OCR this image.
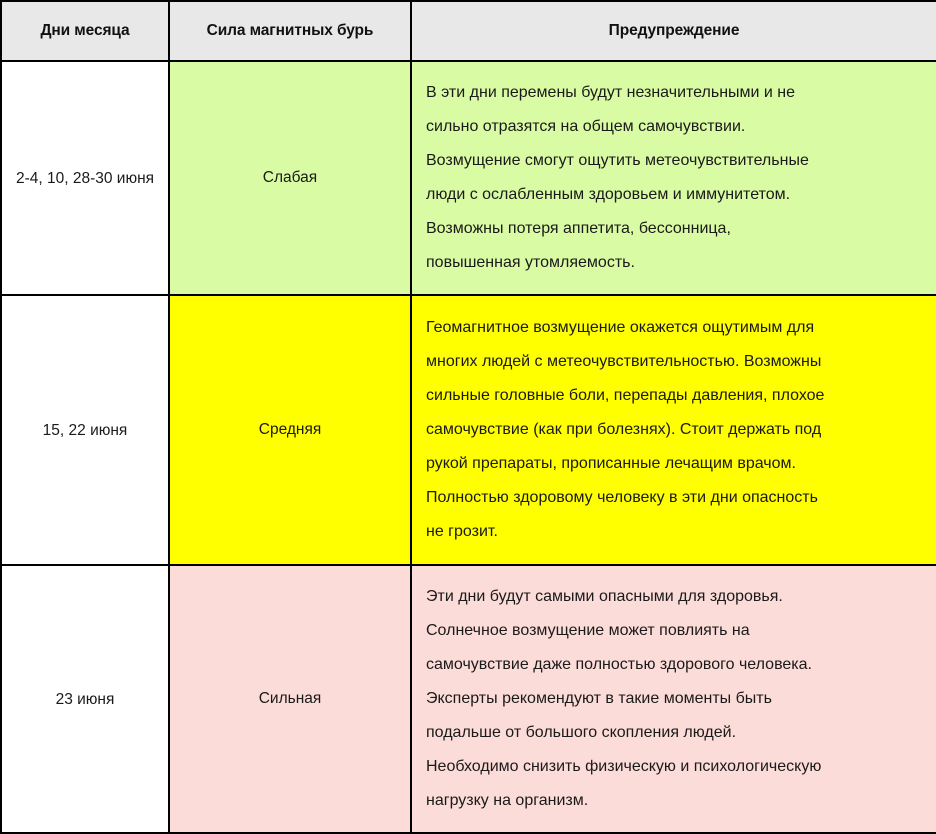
Дни месяца	Сила магнитных бурь	Предупреждение
2-4, 10, 28-30 июня	Слабая	
В эти дни перемены будут незначительными и не
сильно отразятся на общем самочувствии.
Возмущение смогут ощутить метеочувствительные
люди с ослабленным здоровьем и иммунитетом.
Возможны потеря аппетита, бессонница,
повышенная утомляемость.

15, 22 июня	Средняя	
Геомагнитное возмущение окажется ощутимым для
многих людей с метеочувствительностью. Возможны
сильные головные боли, перепады давления, плохое
самочувствие (как при болезнях). Стоит держать под
рукой препараты, прописанные лечащим врачом.
Полностью здоровому человеку в эти дни опасность
не грозит.

23 июня	Сильная	
Эти дни будут самыми опасными для здоровья.
Солнечное возмущение может повлиять на
самочувствие даже полностью здорового человека.
Эксперты рекомендуют в такие моменты быть
подальше от большого скопления людей.
Необходимо снизить физическую и психологическую
нагрузку на организм.
